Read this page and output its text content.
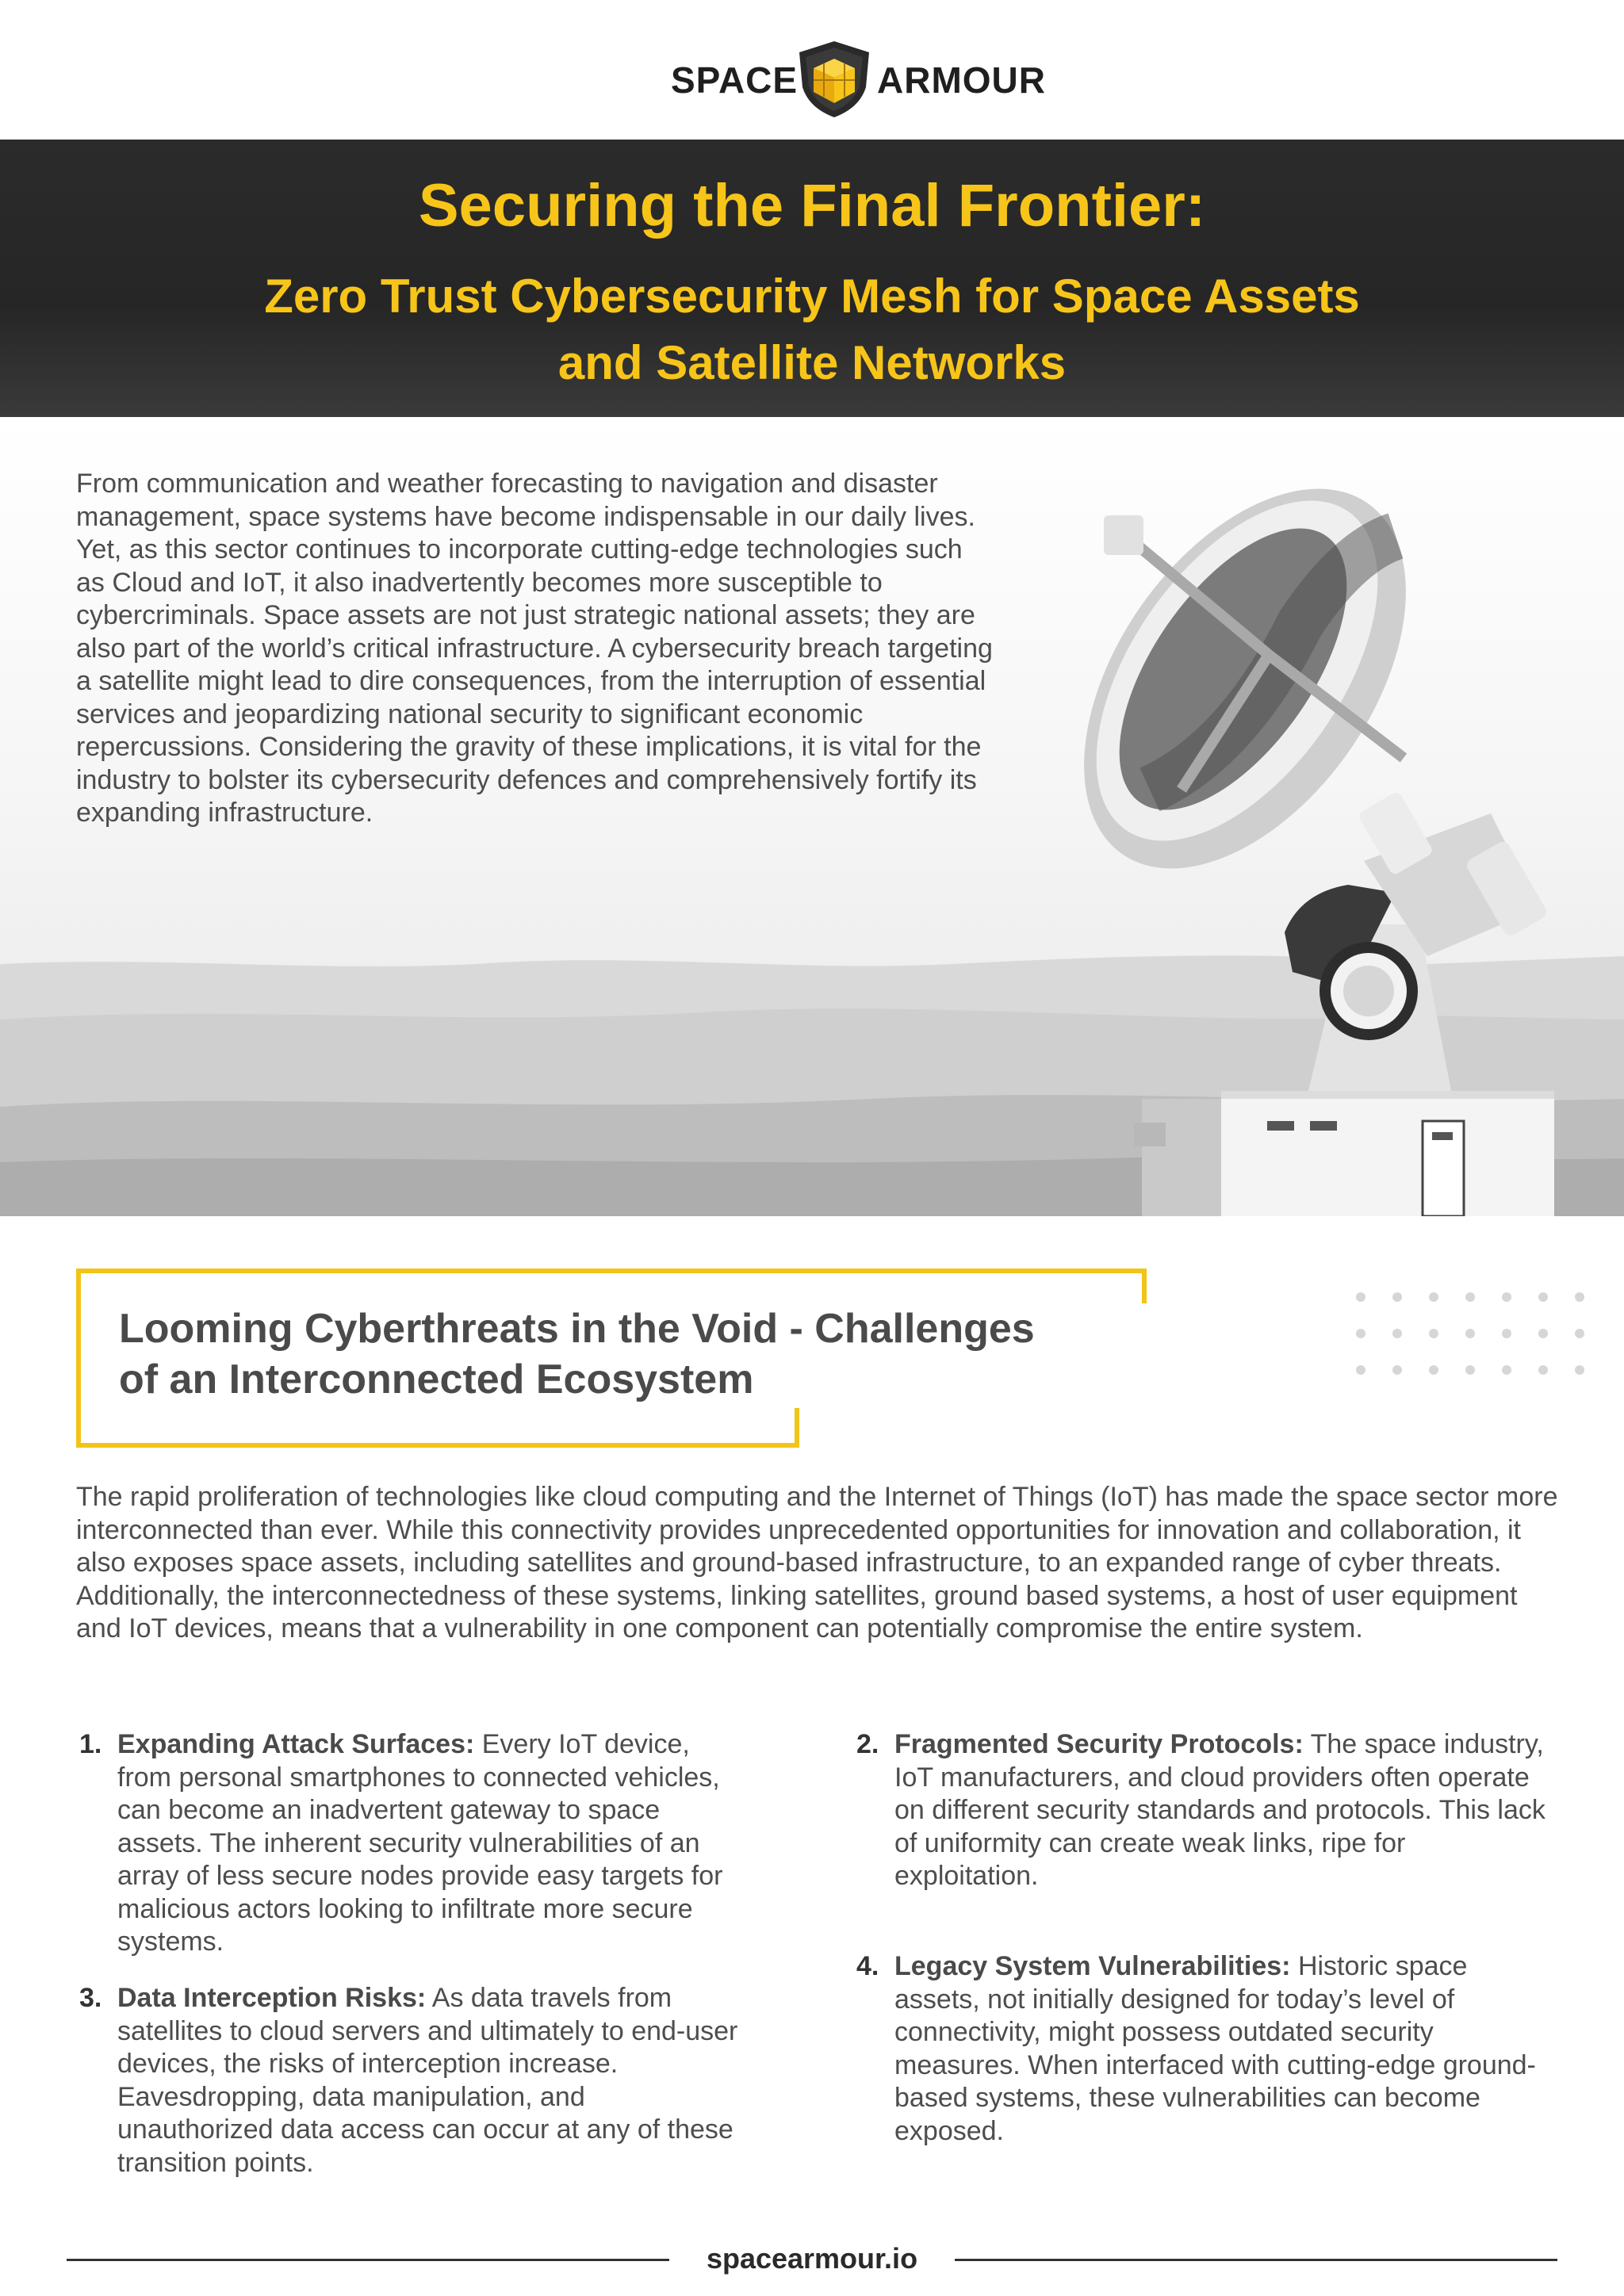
SPACE ARMOUR
Securing the Final Frontier:
Zero Trust Cybersecurity Mesh for Space Assets
and Satellite Networks

From communication and weather forecasting to navigation and disaster management, space systems have become indispensable in our daily lives. Yet, as this sector continues to incorporate cutting-edge technologies such as Cloud and IoT, it also inadvertently becomes more susceptible to cybercriminals. Space assets are not just strategic national assets; they are also part of the world’s critical infrastructure. A cybersecurity breach targeting a satellite might lead to dire consequences, from the interruption of essential services and jeopardizing national security to significant economic repercussions. Considering the gravity of these implications, it is vital for the industry to bolster its cybersecurity defences and comprehensively fortify its expanding infrastructure.

Looming Cyberthreats in the Void - Challenges
of an Interconnected Ecosystem

The rapid proliferation of technologies like cloud computing and the Internet of Things (IoT) has made the space sector more interconnected than ever. While this connectivity provides unprecedented opportunities for innovation and collaboration, it also exposes space assets, including satellites and ground-based infrastructure, to an expanded range of cyber threats. Additionally, the interconnectedness of these systems, linking satellites, ground based systems, a host of user equipment and IoT devices, means that a vulnerability in one component can potentially compromise the entire system.

1. Expanding Attack Surfaces: Every IoT device, from personal smartphones to connected vehicles, can become an inadvertent gateway to space assets. The inherent security vulnerabilities of an array of less secure nodes provide easy targets for malicious actors looking to infiltrate more secure systems.
2. Fragmented Security Protocols: The space industry, IoT manufacturers, and cloud providers often operate on different security standards and protocols. This lack of uniformity can create weak links, ripe for exploitation.
3. Data Interception Risks: As data travels from satellites to cloud servers and ultimately to end-user devices, the risks of interception increase. Eavesdropping, data manipulation, and unauthorized data access can occur at any of these transition points.
4. Legacy System Vulnerabilities: Historic space assets, not initially designed for today’s level of connectivity, might possess outdated security measures. When interfaced with cutting-edge ground-based systems, these vulnerabilities can become exposed.
spacearmour.io
